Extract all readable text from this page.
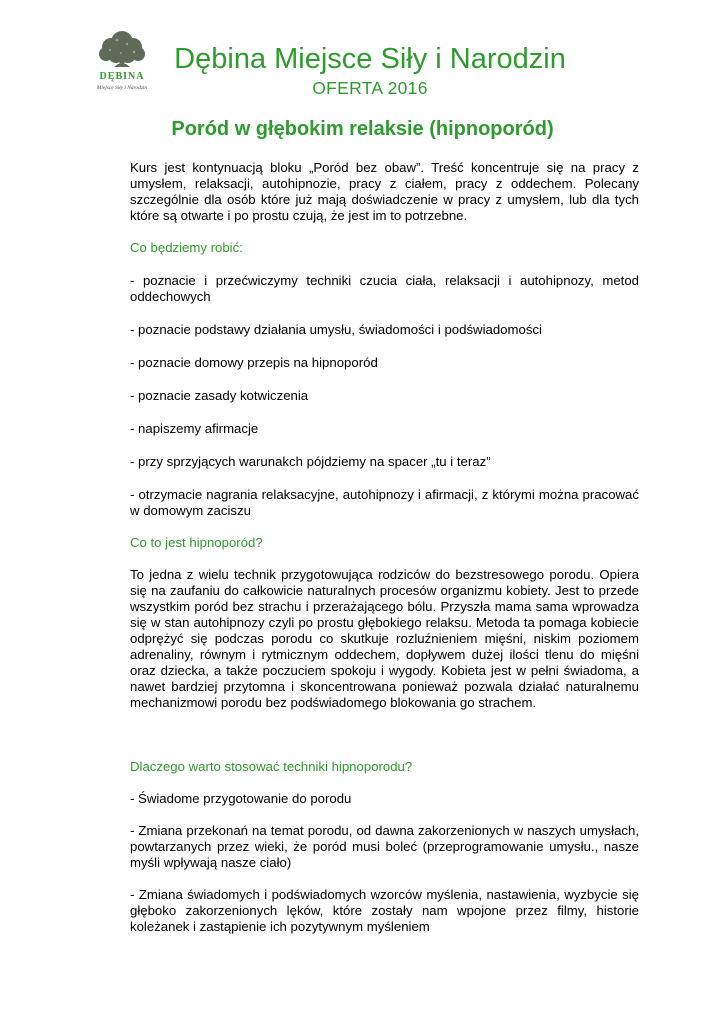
DĘBINA
Miejsce Siły i Narodzin
Dębina Miejsce Siły i Narodzin
OFERTA 2016
Poród w głębokim relaksie (hipnoporód)

Kurs jest kontynuacją bloku „Poród bez obaw”. Treść koncentruje się na pracy z umysłem, relaksacji, autohipnozie, pracy z ciałem, pracy z oddechem. Polecany szczególnie dla osób które już mają doświadczenie w pracy z umysłem, lub dla tych które są otwarte i po prostu czują, że jest im to potrzebne.

Co będziemy robić:

- poznacie i przećwiczymy techniki czucia ciała, relaksacji i autohipnozy, metod oddechowych

- poznacie podstawy działania umysłu, świadomości i podświadomości

- poznacie domowy przepis na hipnoporód

- poznacie zasady kotwiczenia

- napiszemy afirmacje

- przy sprzyjących warunakch pójdziemy na spacer „tu i teraz”

- otrzymacie nagrania relaksacyjne, autohipnozy i afirmacji, z którymi można pracować w domowym zaciszu

Co to jest hipnoporód?

To jedna z wielu technik przygotowująca rodziców do bezstresowego porodu. Opiera się na zaufaniu do całkowicie naturalnych procesów organizmu kobiety. Jest to przede wszystkim poród bez strachu i przerażającego bólu. Przyszła mama sama wprowadza się w stan autohipnozy czyli po prostu głębokiego relaksu. Metoda ta pomaga kobiecie odprężyć się podczas porodu co skutkuje rozluźnieniem mięśni, niskim poziomem adrenaliny, równym i rytmicznym oddechem, dopływem dużej ilości tlenu do mięśni oraz dziecka, a także poczuciem spokoju i wygody. Kobieta jest w pełni świadoma, a nawet bardziej przytomna i skoncentrowana ponieważ pozwala działać naturalnemu mechanizmowi porodu bez podświadomego blokowania go strachem.

Dlaczego warto stosować techniki hipnoporodu?

- Świadome przygotowanie do porodu

- Zmiana przekonań na temat porodu, od dawna zakorzenionych w naszych umysłach, powtarzanych przez wieki, że poród musi boleć (przeprogramowanie umysłu., nasze myśli wpływają nasze ciało)

- Zmiana świadomych i podświadomych wzorców myślenia, nastawienia, wyzbycie się głęboko zakorzenionych lęków, które zostały nam wpojone przez filmy, historie koleżanek i zastąpienie ich pozytywnym myśleniem
